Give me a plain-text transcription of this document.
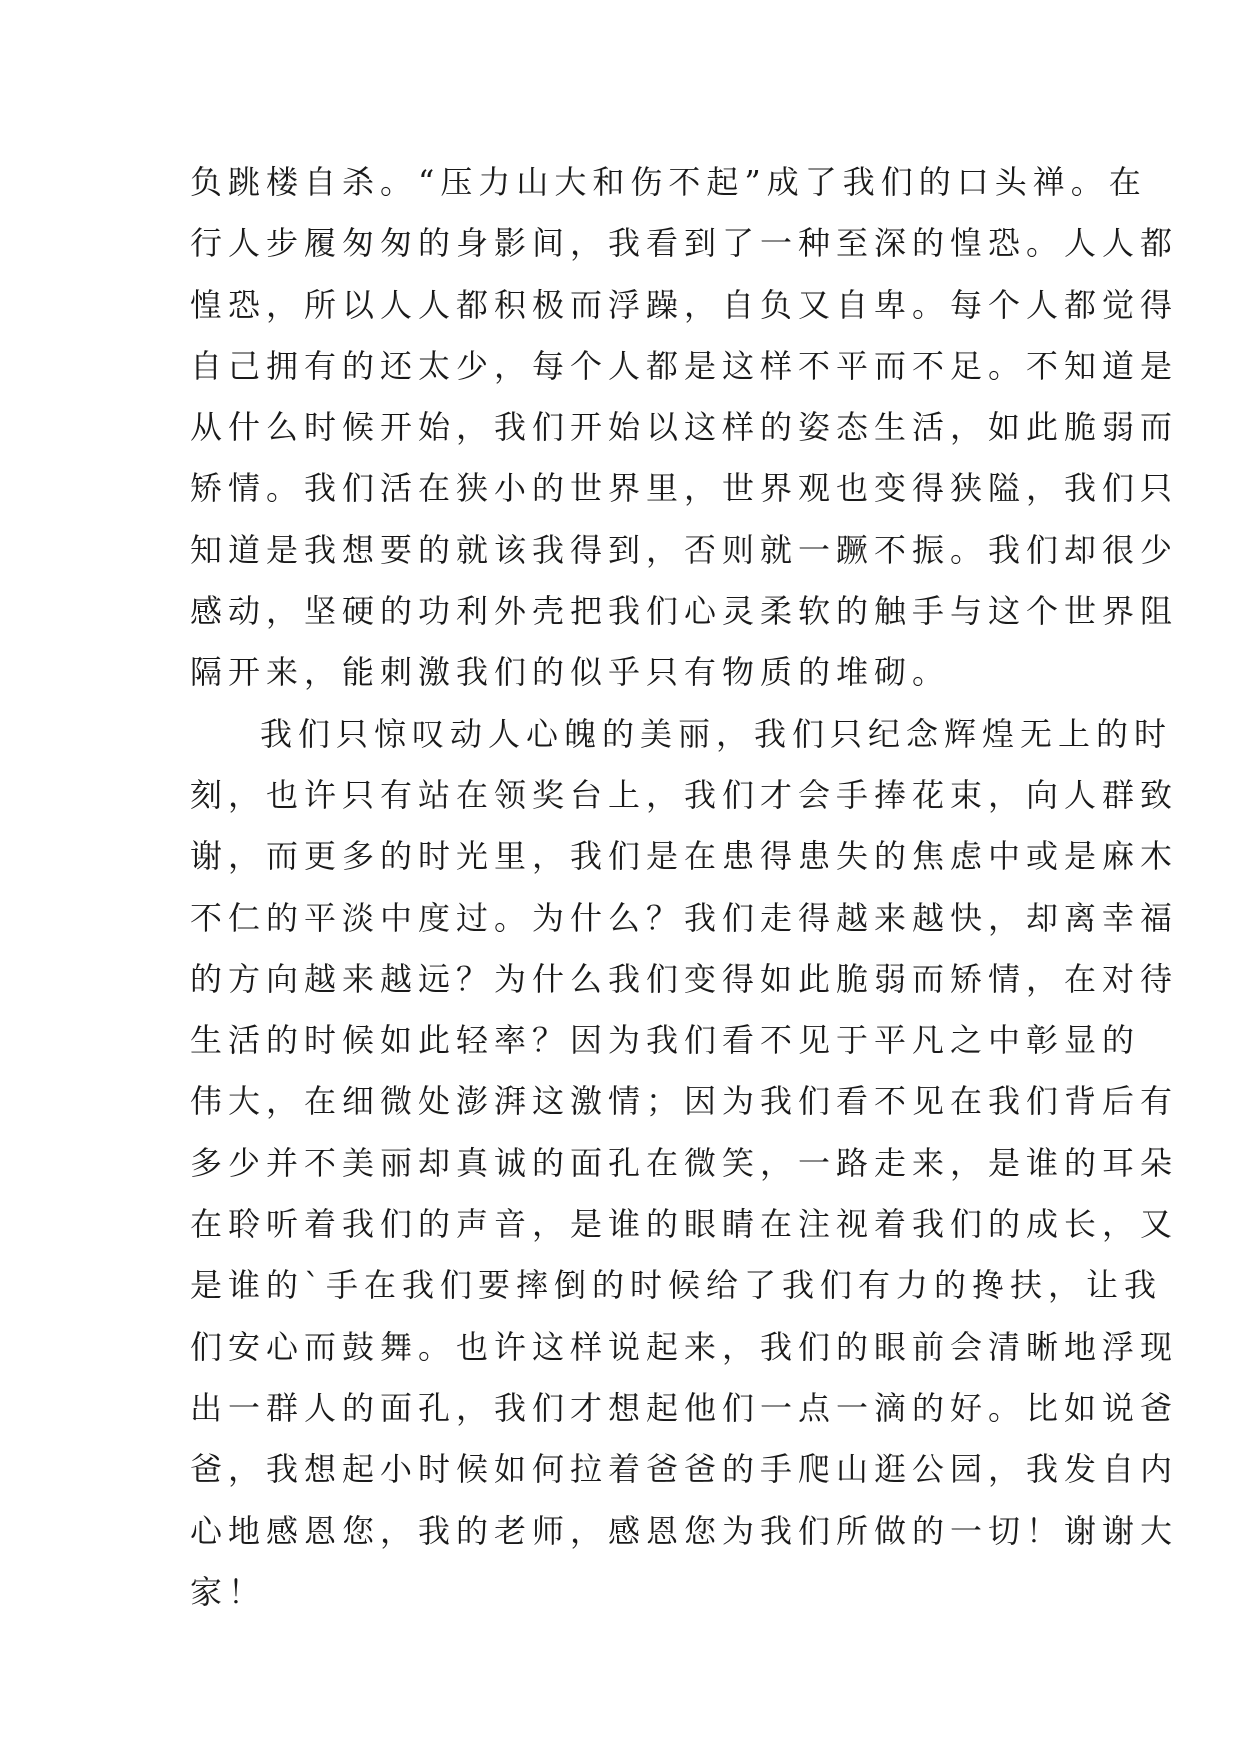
负跳楼自杀。“压力山大和伤不起”成了我们的口头禅。在
行人步履匆匆的身影间，我看到了一种至深的惶恐。人人都
惶恐，所以人人都积极而浮躁，自负又自卑。每个人都觉得
自己拥有的还太少，每个人都是这样不平而不足。不知道是
从什么时候开始，我们开始以这样的姿态生活，如此脆弱而
矫情。我们活在狭小的世界里，世界观也变得狭隘，我们只
知道是我想要的就该我得到，否则就一蹶不振。我们却很少
感动，坚硬的功利外壳把我们心灵柔软的触手与这个世界阻
隔开来，能刺激我们的似乎只有物质的堆砌。
我们只惊叹动人心魄的美丽，我们只纪念辉煌无上的时
刻，也许只有站在领奖台上，我们才会手捧花束，向人群致
谢，而更多的时光里，我们是在患得患失的焦虑中或是麻木
不仁的平淡中度过。为什么？我们走得越来越快，却离幸福
的方向越来越远？为什么我们变得如此脆弱而矫情，在对待
生活的时候如此轻率？因为我们看不见于平凡之中彰显的
伟大，在细微处澎湃这激情；因为我们看不见在我们背后有
多少并不美丽却真诚的面孔在微笑，一路走来，是谁的耳朵
在聆听着我们的声音，是谁的眼睛在注视着我们的成长，又
是谁的`手在我们要摔倒的时候给了我们有力的搀扶，让我
们安心而鼓舞。也许这样说起来，我们的眼前会清晰地浮现
出一群人的面孔，我们才想起他们一点一滴的好。比如说爸
爸，我想起小时候如何拉着爸爸的手爬山逛公园，我发自内
心地感恩您，我的老师，感恩您为我们所做的一切！谢谢大
家！
